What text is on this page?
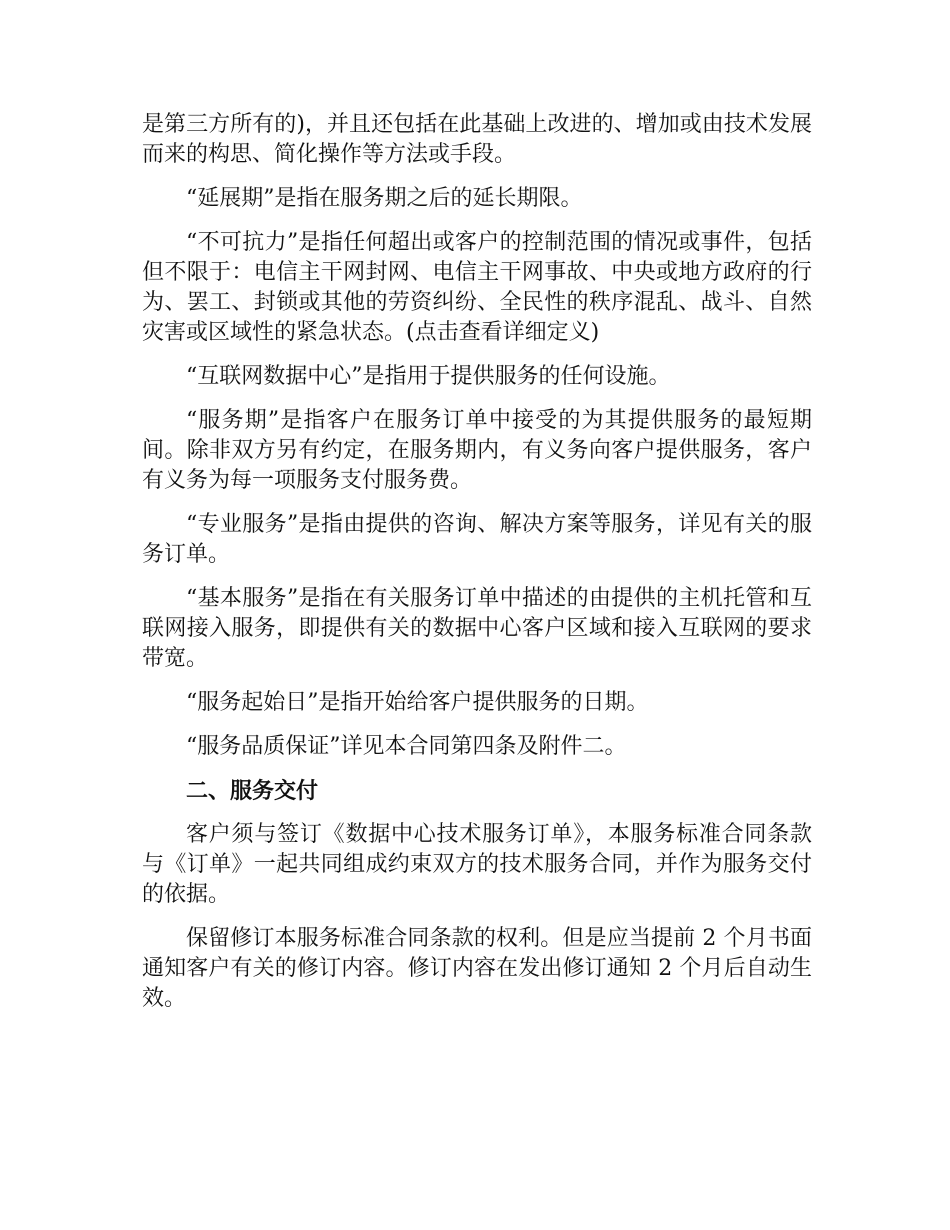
是第三方所有的)，并且还包括在此基础上改进的、增加或由技术发展而来的构思、简化操作等方法或手段。

“延展期”是指在服务期之后的延长期限。

“不可抗力”是指任何超出或客户的控制范围的情况或事件，包括但不限于：电信主干网封网、电信主干网事故、中央或地方政府的行为、罢工、封锁或其他的劳资纠纷、全民性的秩序混乱、战斗、自然灾害或区域性的紧急状态。(点击查看详细定义)

“互联网数据中心”是指用于提供服务的任何设施。

“服务期”是指客户在服务订单中接受的为其提供服务的最短期间。除非双方另有约定，在服务期内，有义务向客户提供服务，客户有义务为每一项服务支付服务费。

“专业服务”是指由提供的咨询、解决方案等服务，详见有关的服务订单。

“基本服务”是指在有关服务订单中描述的由提供的主机托管和互联网接入服务，即提供有关的数据中心客户区域和接入互联网的要求带宽。

“服务起始日”是指开始给客户提供服务的日期。

“服务品质保证”详见本合同第四条及附件二。

二、服务交付

客户须与签订《数据中心技术服务订单》，本服务标准合同条款与《订单》一起共同组成约束双方的技术服务合同，并作为服务交付的依据。

保留修订本服务标准合同条款的权利。但是应当提前 2 个月书面通知客户有关的修订内容。修订内容在发出修订通知 2 个月后自动生效。
